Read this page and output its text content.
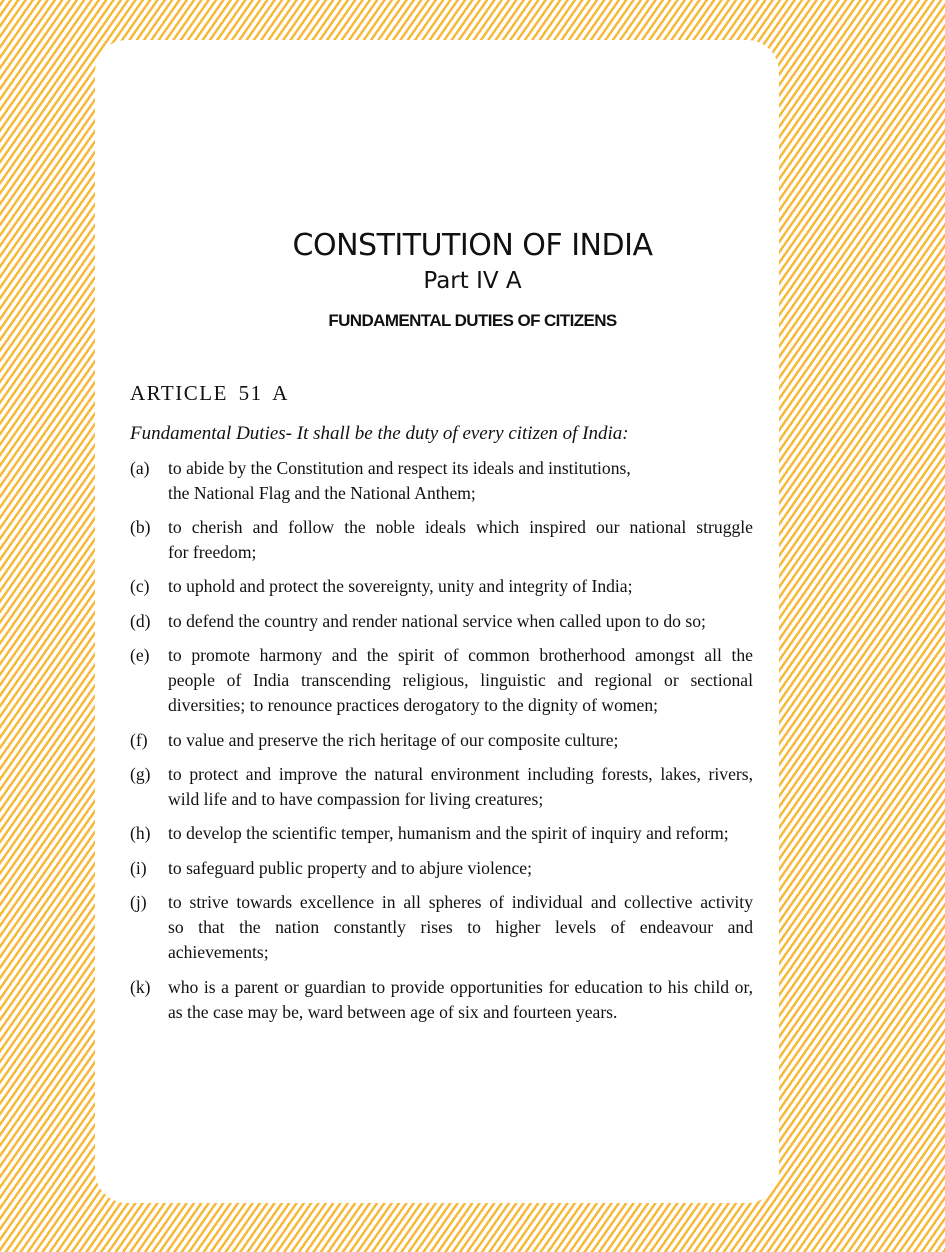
CONSTITUTION OF INDIA
Part IV A
FUNDAMENTAL DUTIES OF CITIZENS
ARTICLE 51 A
Fundamental Duties- It shall be the duty of every citizen of India:
(a) to abide by the Constitution and respect its ideals and institutions,
the National Flag and the National Anthem;
(b) to cherish and follow the noble ideals which inspired our national struggle
for freedom;
(c) to uphold and protect the sovereignty, unity and integrity of India;
(d) to defend the country and render national service when called upon to do so;
(e) to promote harmony and the spirit of common brotherhood amongst all the
people of India transcending religious, linguistic and regional or sectional
diversities; to renounce practices derogatory to the dignity of women;
(f) to value and preserve the rich heritage of our composite culture;
(g) to protect and improve the natural environment including forests, lakes, rivers,
wild life and to have compassion for living creatures;
(h) to develop the scientific temper, humanism and the spirit of inquiry and reform;
(i) to safeguard public property and to abjure violence;
(j) to strive towards excellence in all spheres of individual and collective activity
so that the nation constantly rises to higher levels of endeavour and
achievements;
(k) who is a parent or guardian to provide opportunities for education to his child or,
as the case may be, ward between age of six and fourteen years.
